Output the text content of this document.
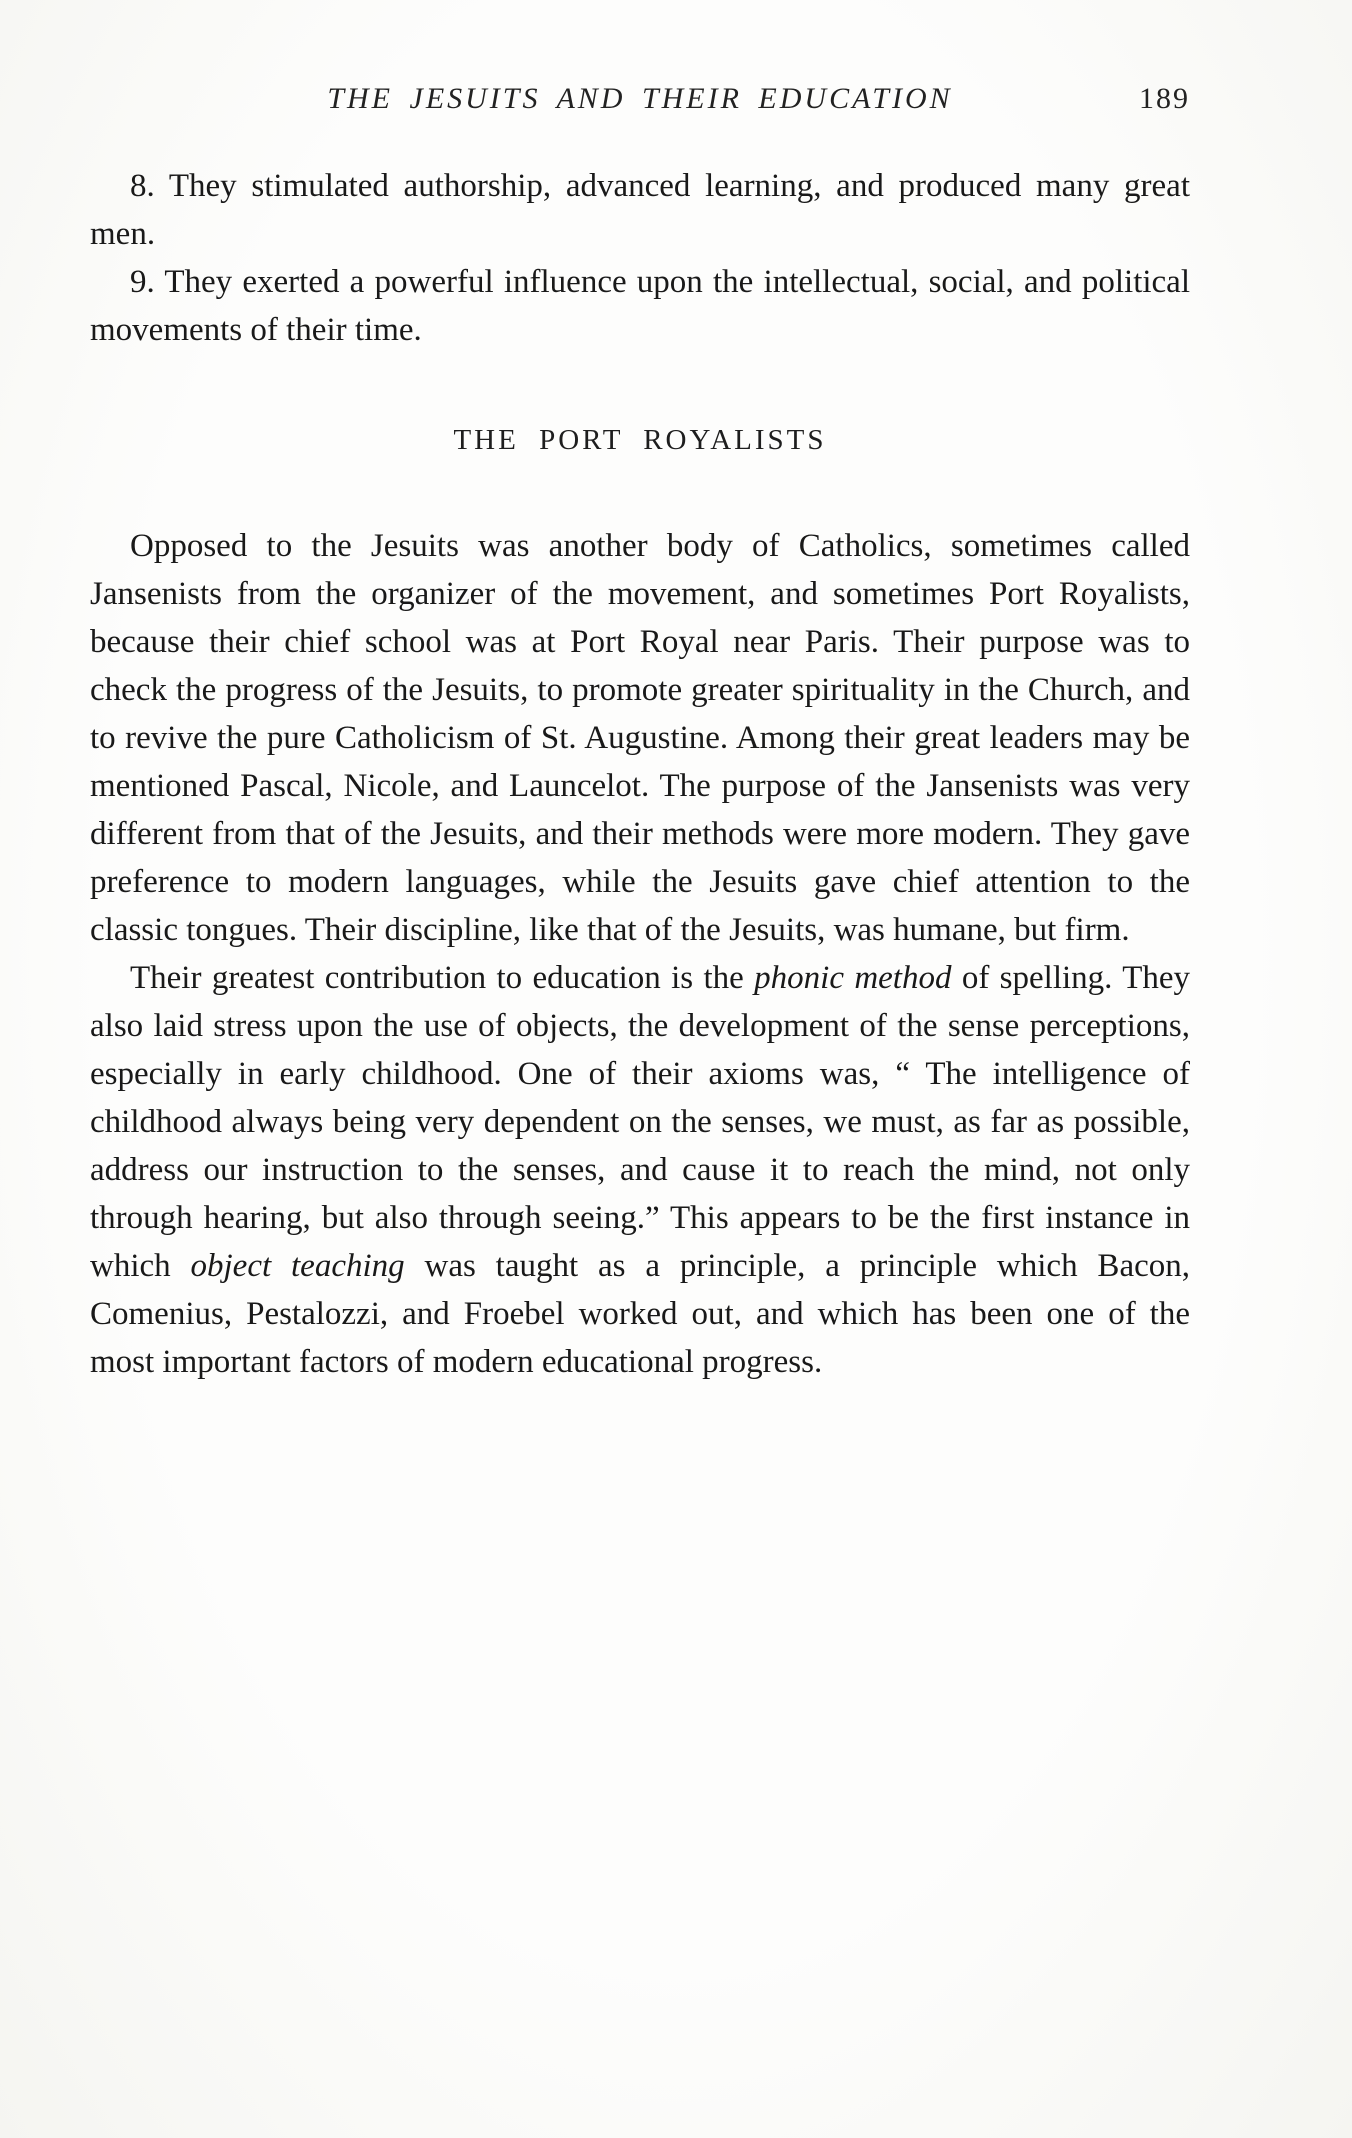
THE JESUITS AND THEIR EDUCATION	189

8. They stimulated authorship, advanced learning, and produced many great men.

9. They exerted a powerful influence upon the intellectual, social, and political movements of their time.

THE PORT ROYALISTS

Opposed to the Jesuits was another body of Catholics, sometimes called Jansenists from the organizer of the movement, and sometimes Port Royalists, because their chief school was at Port Royal near Paris. Their purpose was to check the progress of the Jesuits, to promote greater spirituality in the Church, and to revive the pure Catholicism of St. Augustine. Among their great leaders may be mentioned Pascal, Nicole, and Launcelot. The purpose of the Jansenists was very different from that of the Jesuits, and their methods were more modern. They gave preference to modern languages, while the Jesuits gave chief attention to the classic tongues. Their discipline, like that of the Jesuits, was humane, but firm.

Their greatest contribution to education is the phonic method of spelling. They also laid stress upon the use of objects, the development of the sense perceptions, especially in early childhood. One of their axioms was, “ The intelligence of childhood always being very dependent on the senses, we must, as far as possible, address our instruction to the senses, and cause it to reach the mind, not only through hearing, but also through seeing.” This appears to be the first instance in which object teaching was taught as a principle, a principle which Bacon, Comenius, Pestalozzi, and Froebel worked out, and which has been one of the most important factors of modern educational progress.
